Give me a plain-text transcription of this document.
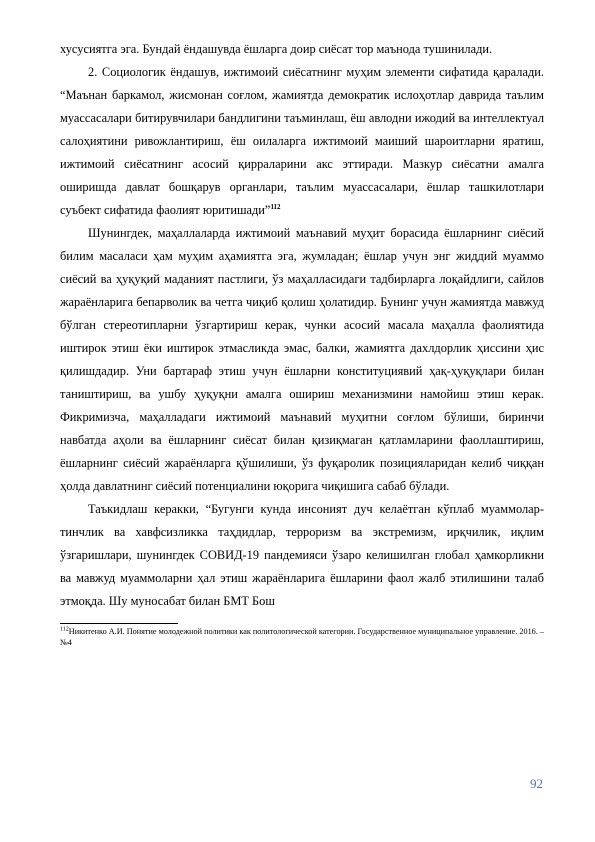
хусусиятга эга. Бундай ёндашувда ёшларга доир сиёсат тор маънода тушинилади.

2. Социологик ёндашув, ижтимоий сиёсатнинг муҳим элементи сифатида қаралади. “Маънан баркамол, жисмонан соғлом, жамиятда демократик ислоҳотлар даврида таълим муассасалари битирувчилари бандлигини таъминлаш, ёш авлодни ижодий ва интеллектуал салоҳиятини ривожлантириш, ёш оилаларга ижтимоий маиший шароитларни яратиш, ижтимоий сиёсатнинг асосий қирраларини акс эттиради. Мазкур сиёсатни амалга оширишда давлат бошқарув органлари, таълим муассасалари, ёшлар ташкилотлари суъбект сифатида фаолият юритишади”$^{112}$

Шунингдек, маҳаллаларда ижтимоий маънавий муҳит борасида ёшларнинг сиёсий билим масаласи ҳам муҳим аҳамиятга эга, жумладан; ёшлар учун энг жиддий муаммо сиёсий ва ҳуқуқий маданият пастлиги, ўз маҳалласидаги тадбирларга лоқайдлиги, сайлов жараёнларига бепарволик ва четга чиқиб қолиш ҳолатидир. Бунинг учун жамиятда мавжуд бўлган стереотипларни ўзгартириш керак, чунки асосий масала маҳалла фаолиятида иштирок этиш ёки иштирок этмасликда эмас, балки, жамиятга дахлдорлик ҳиссини ҳис қилишдадир. Уни бартараф этиш учун ёшларни конституциявий ҳақ-ҳуқуқлари билан таништириш, ва ушбу ҳуқуқни амалга ошириш механизмини намойиш этиш керак. Фикримизча, маҳалладаги ижтимоий маънавий муҳитни соғлом бўлиши, биринчи навбатда аҳоли ва ёшларнинг сиёсат билан қизиқмаган қатламларини фаоллаштириш, ёшларнинг сиёсий жараёнларга қўшилиши, ўз фуқаролик позицияларидан келиб чиққан ҳолда давлатнинг сиёсий потенциалини юқорига чиқишига сабаб бўлади.

Таъкидлаш керакки, “Бугунги кунда инсоният дуч келаётган кўплаб муаммолар-тинчлик ва хавфсизликка таҳдидлар, терроризм ва экстремизм, ирқчилик, иқлим ўзгаришлари, шунингдек СОВИД-19 пандемияси ўзаро келишилган глобал ҳамкорликни ва мавжуд муаммоларни ҳал этиш жараёнларига ёшларини фаол жалб этилишини талаб этмоқда. Шу муносабат билан БМТ Бош

$^{112}$Никитенко А.И. Понятие молодежной политики как политологической категории. Государственное муниципальное управление. 2016. –№4

92
